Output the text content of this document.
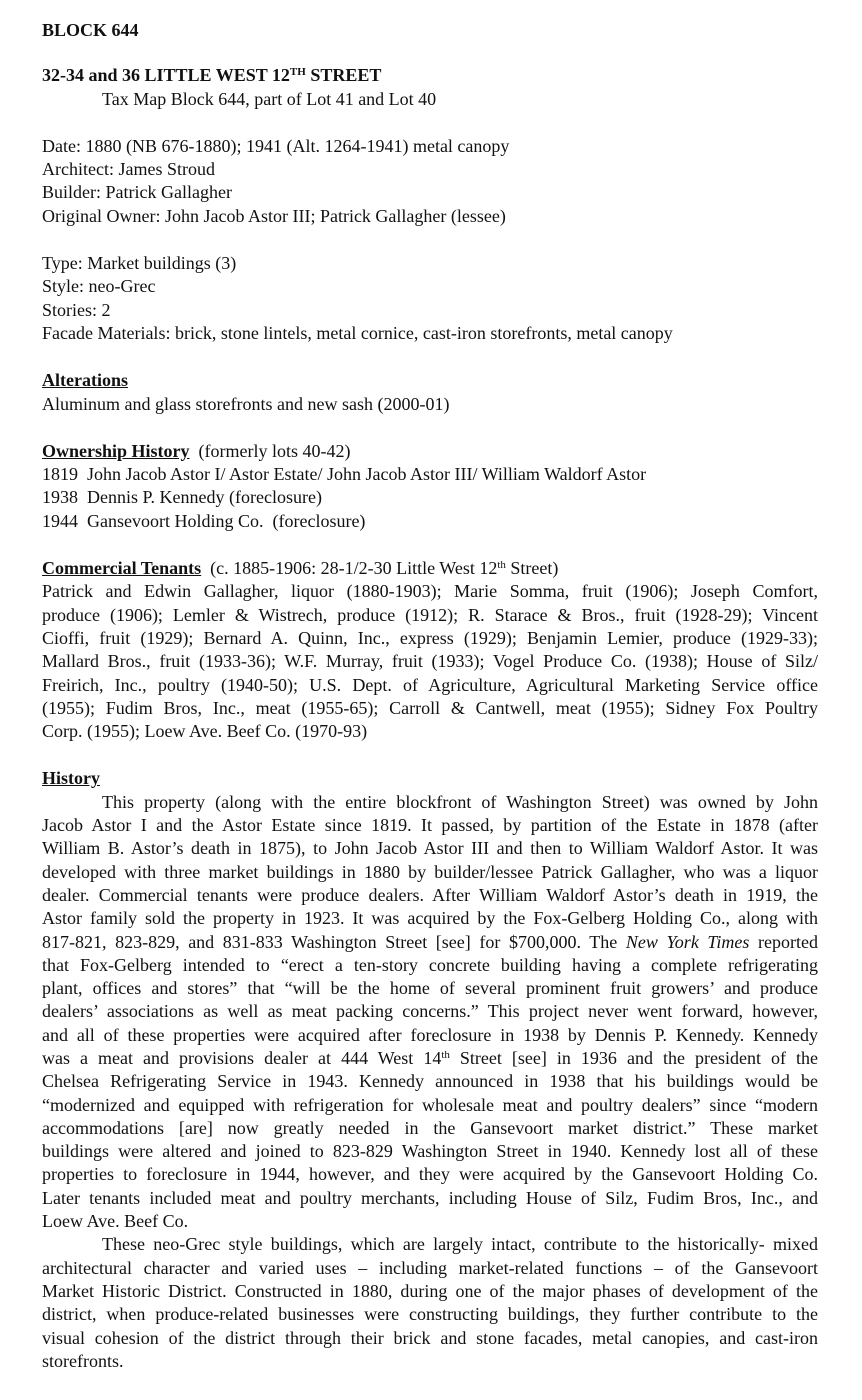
BLOCK 644
32-34 and 36 LITTLE WEST 12TH STREET
Tax Map Block 644, part of Lot 41 and Lot 40
Date: 1880 (NB 676-1880); 1941 (Alt. 1264-1941) metal canopy
Architect: James Stroud
Builder: Patrick Gallagher
Original Owner: John Jacob Astor III; Patrick Gallagher (lessee)
Type: Market buildings (3)
Style: neo-Grec
Stories: 2
Facade Materials: brick, stone lintels, metal cornice, cast-iron storefronts, metal canopy
Alterations
Aluminum and glass storefronts and new sash (2000-01)
Ownership History (formerly lots 40-42)
1819  John Jacob Astor I/ Astor Estate/ John Jacob Astor III/ William Waldorf Astor
1938  Dennis P. Kennedy (foreclosure)
1944  Gansevoort Holding Co.  (foreclosure)
Commercial Tenants (c. 1885-1906: 28-1/2-30 Little West 12th Street)
Patrick and Edwin Gallagher, liquor (1880-1903); Marie Somma, fruit (1906); Joseph Comfort,
produce (1906); Lemler & Wistrech, produce (1912); R. Starace & Bros., fruit (1928-29); Vincent
Cioffi, fruit (1929); Bernard A. Quinn, Inc., express (1929); Benjamin Lemier, produce (1929-33);
Mallard Bros., fruit (1933-36); W.F. Murray, fruit (1933); Vogel Produce Co. (1938); House of Silz/
Freirich, Inc., poultry (1940-50); U.S. Dept. of Agriculture, Agricultural Marketing Service office
(1955); Fudim Bros, Inc., meat (1955-65); Carroll & Cantwell, meat (1955); Sidney Fox Poultry
Corp. (1955); Loew Ave. Beef Co. (1970-93)
History
This property (along with the entire blockfront of Washington Street) was owned by John
Jacob Astor I and the Astor Estate since 1819. It passed, by partition of the Estate in 1878 (after
William B. Astor’s death in 1875), to John Jacob Astor III and then to William Waldorf Astor. It was
developed with three market buildings in 1880 by builder/lessee Patrick Gallagher, who was a liquor
dealer. Commercial tenants were produce dealers. After William Waldorf Astor’s death in 1919, the
Astor family sold the property in 1923. It was acquired by the Fox-Gelberg Holding Co., along with
817-821, 823-829, and 831-833 Washington Street [see] for $700,000. The New York Times reported
that Fox-Gelberg intended to “erect a ten-story concrete building having a complete refrigerating
plant, offices and stores” that “will be the home of several prominent fruit growers’ and produce
dealers’ associations as well as meat packing concerns.” This project never went forward, however,
and all of these properties were acquired after foreclosure in 1938 by Dennis P. Kennedy. Kennedy
was a meat and provisions dealer at 444 West 14th Street [see] in 1936 and the president of the
Chelsea Refrigerating Service in 1943. Kennedy announced in 1938 that his buildings would be
“modernized and equipped with refrigeration for wholesale meat and poultry dealers” since “modern
accommodations [are] now greatly needed in the Gansevoort market district.” These market
buildings were altered and joined to 823-829 Washington Street in 1940. Kennedy lost all of these
properties to foreclosure in 1944, however, and they were acquired by the Gansevoort Holding Co.
Later tenants included meat and poultry merchants, including House of Silz, Fudim Bros, Inc., and
Loew Ave. Beef Co.
These neo-Grec style buildings, which are largely intact, contribute to the historically- mixed
architectural character and varied uses – including market-related functions – of the Gansevoort
Market Historic District. Constructed in 1880, during one of the major phases of development of the
district, when produce-related businesses were constructing buildings, they further contribute to the
visual cohesion of the district through their brick and stone facades, metal canopies, and cast-iron
storefronts.
